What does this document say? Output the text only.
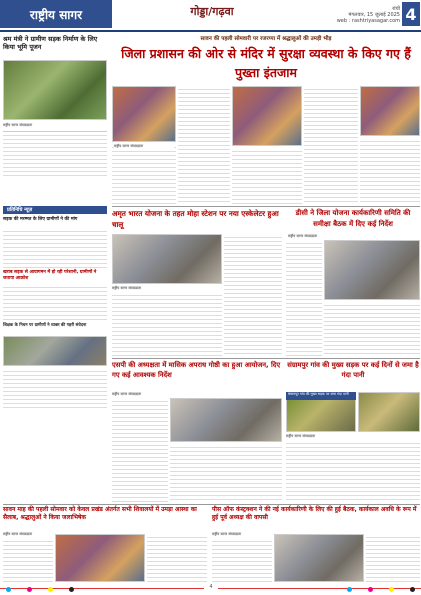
राष्ट्रीय सागर	गोड्डा/गढ़वा	रांची
मंगलवार, 15 जुलाई 2025
web : rashtriyasagar.com 4
श्रम मंत्री ने ग्रामीण सड़क निर्माण के लिए किया भूमि पूजन
राष्ट्रीय सागर संवाददाता
प्रतिनिधि न्यूज़
सड़क की मरम्मत के लिए ग्रामीणों ने की मांग
खराब सड़क से आवागमन में हो रही परेशानी, ग्रामीणों ने जताया आक्रोश
शिक्षक के निधन पर ग्रामीणों ने व्यक्त की गहरी संवेदना
सावन की पहली सोमवारी पर रजरप्पा में श्रद्धालुओं की उमड़ी भीड़
जिला प्रशासन की ओर से मंदिर में सुरक्षा व्यवस्था के किए गए हैं पुख्ता इंतजाम
राष्ट्रीय सागर संवाददाता
अमृत भारत योजना के तहत मोहा स्टेशन पर नया एस्केलेटर हुआ चालू
राष्ट्रीय सागर संवाददाता
डीसी ने जिला योजना कार्यकारिणी समिति की समीक्षा बैठक में दिए कई निर्देश
राष्ट्रीय सागर संवाददाता
एसपी की अध्यक्षता में मासिक अपराध गोष्ठी का हुआ आयोजन, दिए गए कई आवश्यक निर्देश
राष्ट्रीय सागर संवाददाता
संग्रामपुर गांव की मुख्य सड़क पर कई दिनों से जमा है गंदा पानी
संग्रामपुर गांव की मुख्य सड़क पर जमा गंदा पानी
राष्ट्रीय सागर संवाददाता
सावन माह की पहली सोमवार को केवल प्रखंड अंतर्गत सभी शिवालयों में उमड़ा आस्था का सैलाब, श्रद्धालुओं ने किया जलाभिषेक
राष्ट्रीय सागर संवाददाता
पीस ऑफ कंस्ट्रक्शन ने की नई कार्यकारिणी के लिए की हुई बैठक, कार्यकाल अवधि के रूप में हुई पूर्व अध्यक्ष की वापसी
राष्ट्रीय सागर संवाददाता
4
